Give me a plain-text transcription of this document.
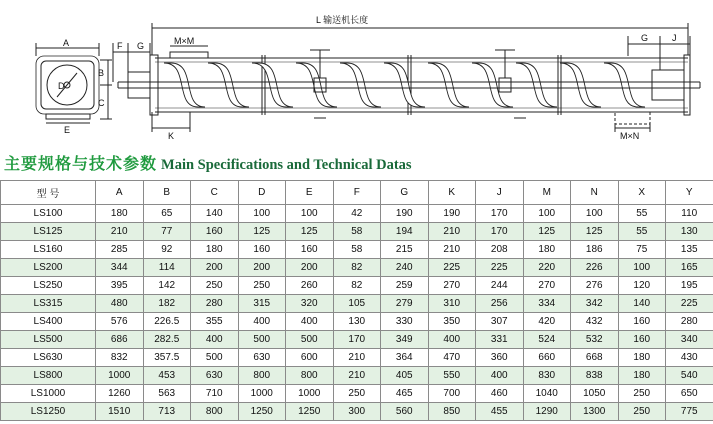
L 输送机长度
D
A
B
C
E
F G	M×M
K
G	J
M×N
主要规格与技术参数 Main Specifications and Technical Datas
型 号	A	B	C	D	E	F	G	K	J	M	N	X	Y
LS100	180	65	140	100	100	42	190	190	170	100	100	55	110
LS125	210	77	160	125	125	58	194	210	170	125	125	55	130
LS160	285	92	180	160	160	58	215	210	208	180	186	75	135
LS200	344	114	200	200	200	82	240	225	225	220	226	100	165
LS250	395	142	250	250	260	82	259	270	244	270	276	120	195
LS315	480	182	280	315	320	105	279	310	256	334	342	140	225
LS400	576	226.5	355	400	400	130	330	350	307	420	432	160	280
LS500	686	282.5	400	500	500	170	349	400	331	524	532	160	340
LS630	832	357.5	500	630	600	210	364	470	360	660	668	180	430
LS800	1000	453	630	800	800	210	405	550	400	830	838	180	540
LS1000	1260	563	710	1000	1000	250	465	700	460	1040	1050	250	650
LS1250	1510	713	800	1250	1250	300	560	850	455	1290	1300	250	775
